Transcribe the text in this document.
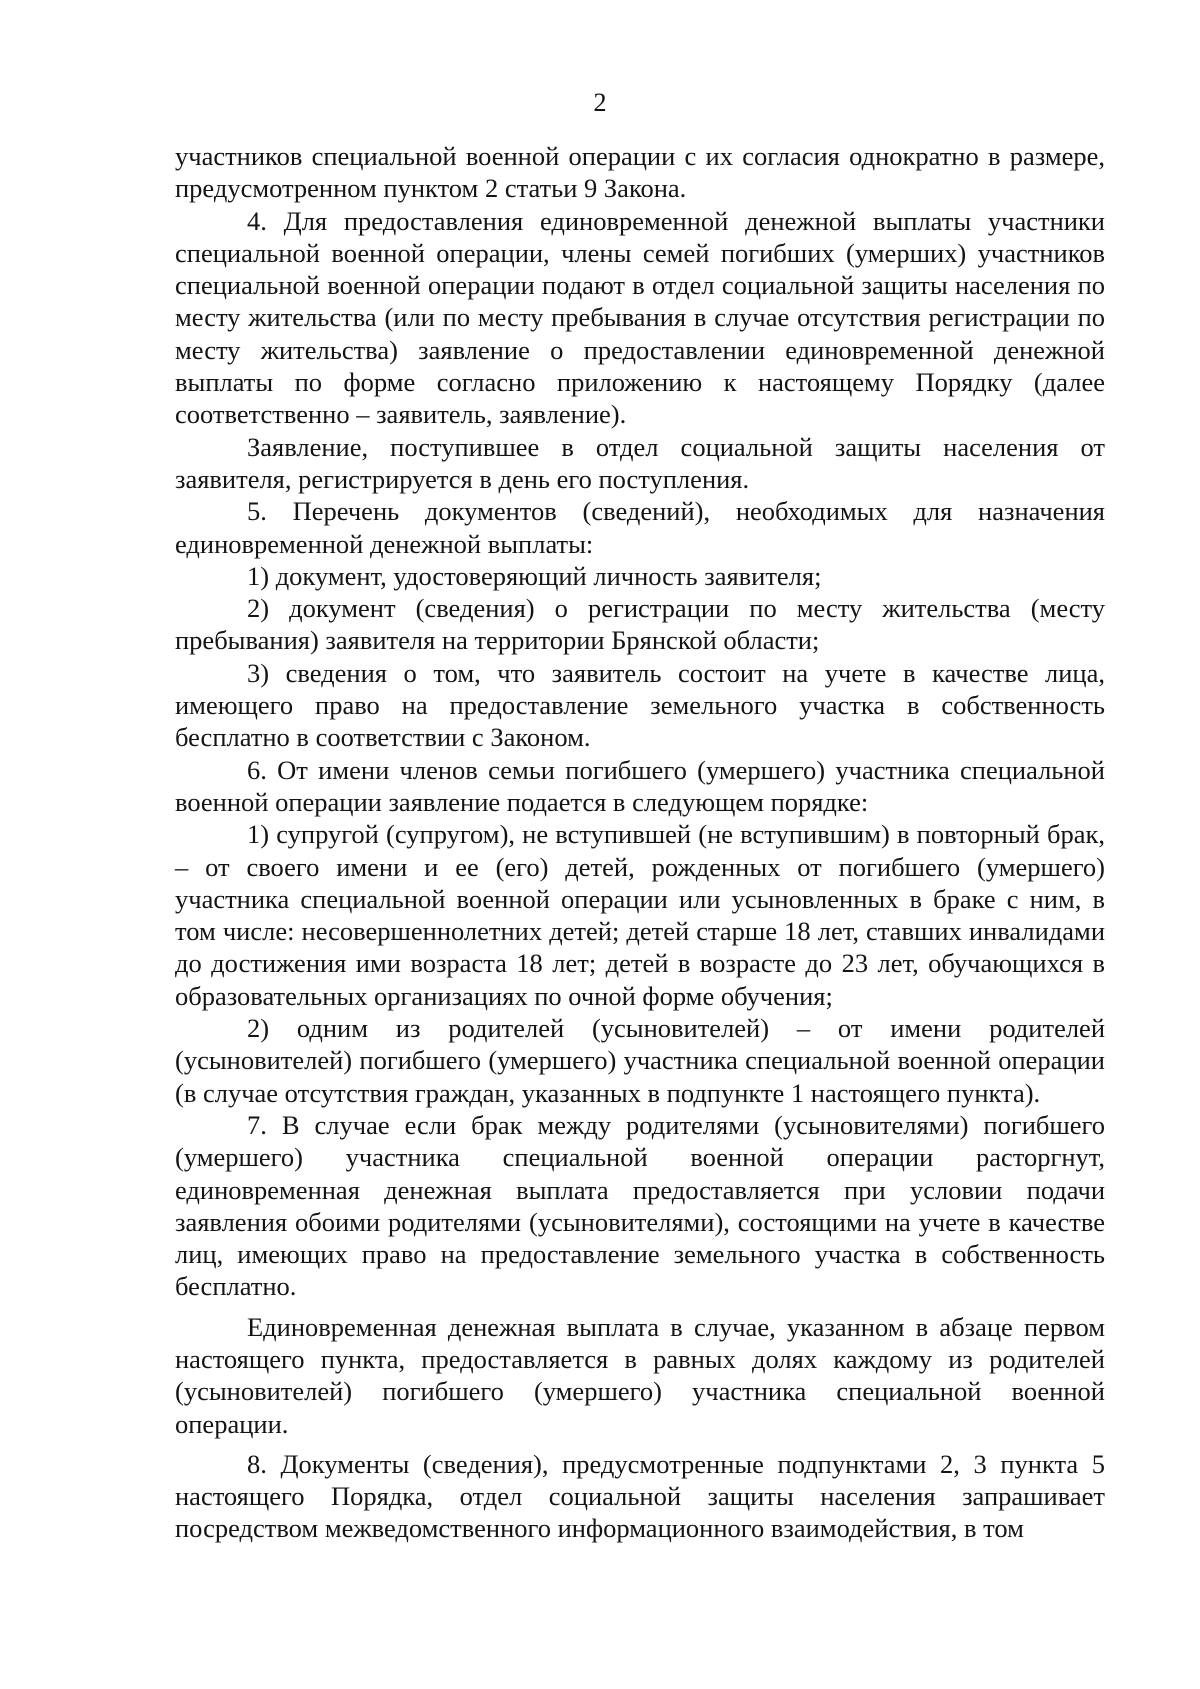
2

участников специальной военной операции с их согласия однократно в размере, предусмотренном пунктом 2 статьи 9 Закона.

4. Для предоставления единовременной денежной выплаты участники специальной военной операции, члены семей погибших (умерших) участников специальной военной операции подают в отдел социальной защиты населения по месту жительства (или по месту пребывания в случае отсутствия регистрации по месту жительства) заявление о предоставлении единовременной денежной выплаты по форме согласно приложению к настоящему Порядку (далее соответственно – заявитель, заявление).

Заявление, поступившее в отдел социальной защиты населения от заявителя, регистрируется в день его поступления.

5. Перечень документов (сведений), необходимых для назначения единовременной денежной выплаты:

1) документ, удостоверяющий личность заявителя;

2) документ (сведения) о регистрации по месту жительства (месту пребывания) заявителя на территории Брянской области;

3) сведения о том, что заявитель состоит на учете в качестве лица, имеющего право на предоставление земельного участка в собственность бесплатно в соответствии с Законом.

6. От имени членов семьи погибшего (умершего) участника специальной военной операции заявление подается в следующем порядке:

1) супругой (супругом), не вступившей (не вступившим) в повторный брак, – от своего имени и ее (его) детей, рожденных от погибшего (умершего) участника специальной военной операции или усыновленных в браке с ним, в том числе: несовершеннолетних детей; детей старше 18 лет, ставших инвалидами до достижения ими возраста 18 лет; детей в возрасте до 23 лет, обучающихся в образовательных организациях по очной форме обучения;

2) одним из родителей (усыновителей) – от имени родителей (усыновителей) погибшего (умершего) участника специальной военной операции (в случае отсутствия граждан, указанных в подпункте 1 настоящего пункта).

7. В случае если брак между родителями (усыновителями) погибшего (умершего) участника специальной военной операции расторгнут, единовременная денежная выплата предоставляется при условии подачи заявления обоими родителями (усыновителями), состоящими на учете в качестве лиц, имеющих право на предоставление земельного участка в собственность бесплатно.

Единовременная денежная выплата в случае, указанном в абзаце первом настоящего пункта, предоставляется в равных долях каждому из родителей (усыновителей) погибшего (умершего) участника специальной военной операции.

8. Документы (сведения), предусмотренные подпунктами 2, 3 пункта 5 настоящего Порядка, отдел социальной защиты населения запрашивает посредством межведомственного информационного взаимодействия, в том
